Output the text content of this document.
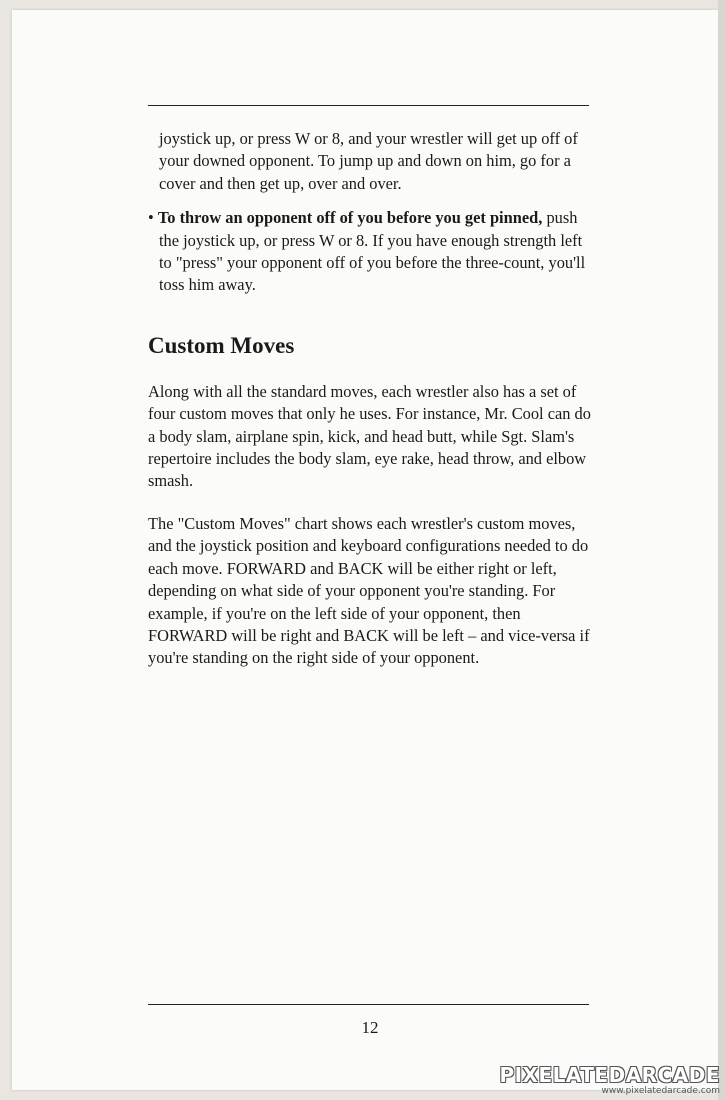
joystick up, or press W or 8, and your wrestler will get up off of your downed opponent. To jump up and down on him, go for a cover and then get up, over and over.

• To throw an opponent off of you before you get pinned, push the joystick up, or press W or 8. If you have enough strength left to "press" your opponent off of you before the three-count, you'll toss him away.

Custom Moves

Along with all the standard moves, each wrestler also has a set of four custom moves that only he uses. For instance, Mr. Cool can do a body slam, airplane spin, kick, and head butt, while Sgt. Slam's repertoire includes the body slam, eye rake, head throw, and elbow smash.

The "Custom Moves" chart shows each wrestler's custom moves, and the joystick position and keyboard configurations needed to do each move. FORWARD and BACK will be either right or left, depending on what side of your opponent you're standing. For example, if you're on the left side of your opponent, then FORWARD will be right and BACK will be left – and vice-versa if you're standing on the right side of your opponent.

12
PIXELATEDARCADE
www.pixelatedarcade.com
